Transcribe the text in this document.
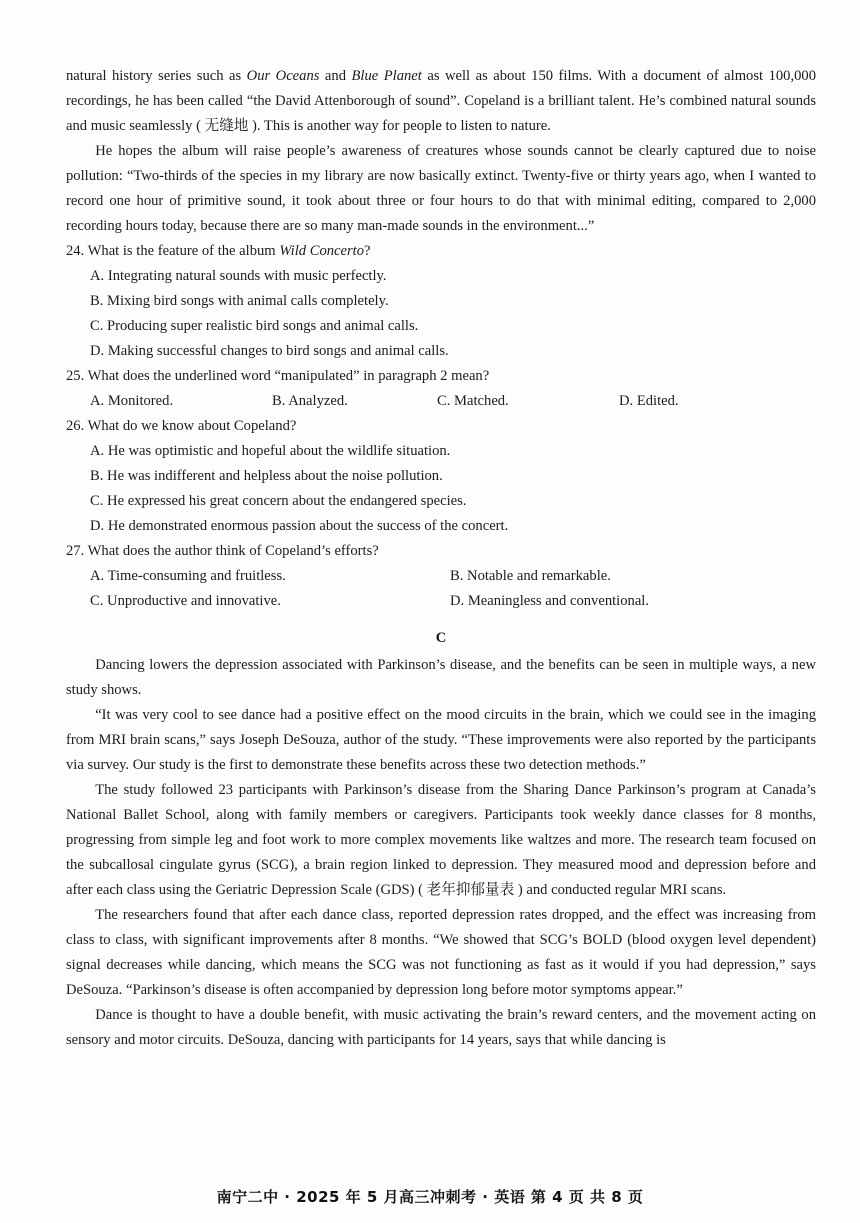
natural history series such as Our Oceans and Blue Planet as well as about 150 films. With a document of almost 100,000 recordings, he has been called “the David Attenborough of sound”. Copeland is a brilliant talent. He’s combined natural sounds and music seamlessly ( 无缝地 ). This is another way for people to listen to nature.

He hopes the album will raise people’s awareness of creatures whose sounds cannot be clearly captured due to noise pollution: “Two-thirds of the species in my library are now basically extinct. Twenty-five or thirty years ago, when I wanted to record one hour of primitive sound, it took about three or four hours to do that with minimal editing, compared to 2,000 recording hours today, because there are so many man-made sounds in the environment...”

24. What is the feature of the album Wild Concerto?

A. Integrating natural sounds with music perfectly.

B. Mixing bird songs with animal calls completely.

C. Producing super realistic bird songs and animal calls.

D. Making successful changes to bird songs and animal calls.

25. What does the underlined word “manipulated” in paragraph 2 mean?

A. Monitored.	B. Analyzed.	C. Matched.	D. Edited.

26. What do we know about Copeland?

A. He was optimistic and hopeful about the wildlife situation.

B. He was indifferent and helpless about the noise pollution.

C. He expressed his great concern about the endangered species.

D. He demonstrated enormous passion about the success of the concert.

27. What does the author think of Copeland’s efforts?

A. Time-consuming and fruitless.	B. Notable and remarkable.
C. Unproductive and innovative.	D. Meaningless and conventional.
C

Dancing lowers the depression associated with Parkinson’s disease, and the benefits can be seen in multiple ways, a new study shows.

“It was very cool to see dance had a positive effect on the mood circuits in the brain, which we could see in the imaging from MRI brain scans,” says Joseph DeSouza, author of the study. “These improvements were also reported by the participants via survey. Our study is the first to demonstrate these benefits across these two detection methods.”

The study followed 23 participants with Parkinson’s disease from the Sharing Dance Parkinson’s program at Canada’s National Ballet School, along with family members or caregivers. Participants took weekly dance classes for 8 months, progressing from simple leg and foot work to more complex movements like waltzes and more. The research team focused on the subcallosal cingulate gyrus (SCG), a brain region linked to depression. They measured mood and depression before and after each class using the Geriatric Depression Scale (GDS) ( 老年抑郁量表 ) and conducted regular MRI scans.

The researchers found that after each dance class, reported depression rates dropped, and the effect was increasing from class to class, with significant improvements after 8 months. “We showed that SCG’s BOLD (blood oxygen level dependent) signal decreases while dancing, which means the SCG was not functioning as fast as it would if you had depression,” says DeSouza. “Parkinson’s disease is often accompanied by depression long before motor symptoms appear.”

Dance is thought to have a double benefit, with music activating the brain’s reward centers, and the movement acting on sensory and motor circuits. DeSouza, dancing with participants for 14 years, says that while dancing is

南宁二中 · 2025 年 5 月高三冲刺考 · 英语 第 4 页 共 8 页
